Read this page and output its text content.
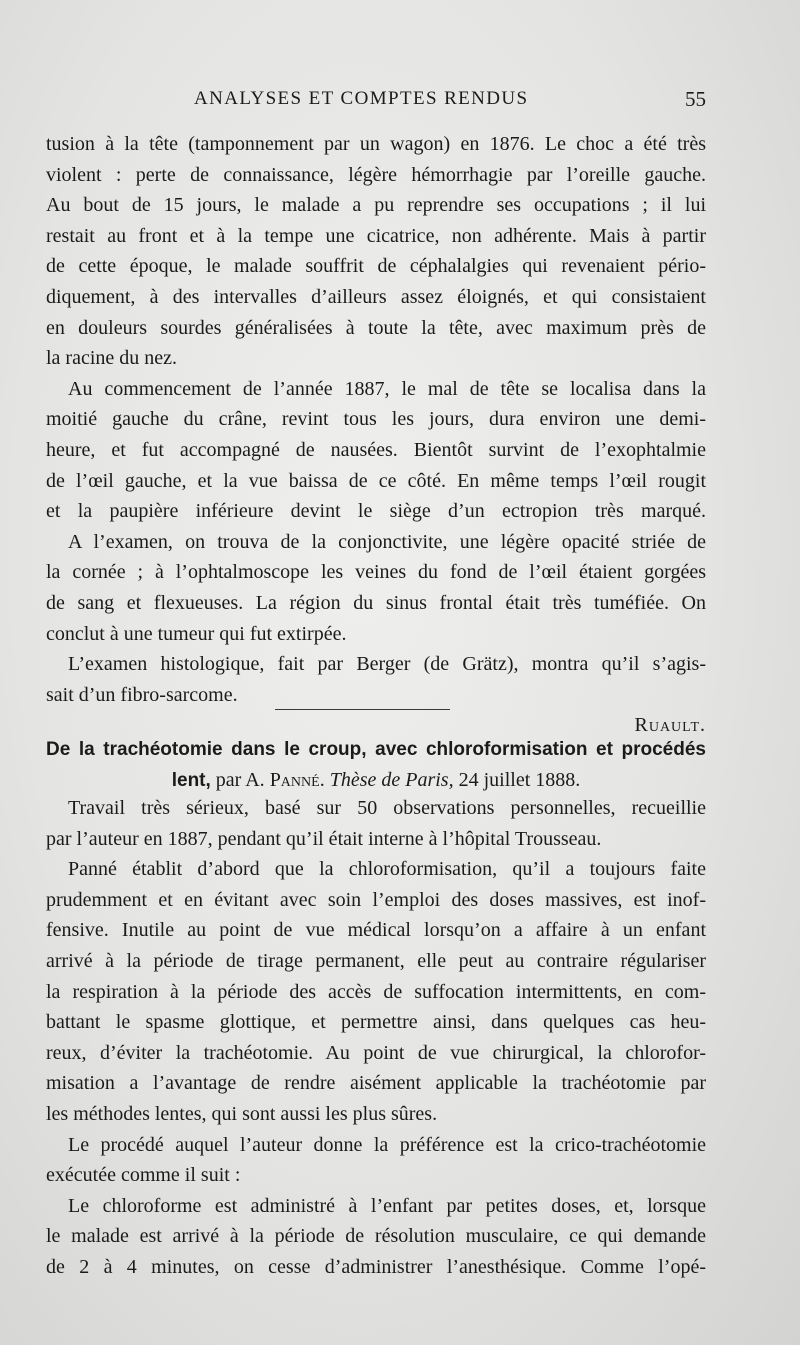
ANALYSES ET COMPTES RENDUS	55
tusion à la tête (tamponnement par un wagon) en 1876. Le choc a été très
violent : perte de connaissance, légère hémorrhagie par l’oreille gauche.
Au bout de 15 jours, le malade a pu reprendre ses occupations ; il lui
restait au front et à la tempe une cicatrice, non adhérente. Mais à partir
de cette époque, le malade souffrit de céphalalgies qui revenaient pério-
diquement, à des intervalles d’ailleurs assez éloignés, et qui consistaient
en douleurs sourdes généralisées à toute la tête, avec maximum près de
la racine du nez.
Au commencement de l’année 1887, le mal de tête se localisa dans la
moitié gauche du crâne, revint tous les jours, dura environ une demi-
heure, et fut accompagné de nausées. Bientôt survint de l’exophtalmie
de l’œil gauche, et la vue baissa de ce côté. En même temps l’œil rougit
et la paupière inférieure devint le siège d’un ectropion très marqué.
A l’examen, on trouva de la conjonctivite, une légère opacité striée de
la cornée ; à l’ophtalmoscope les veines du fond de l’œil étaient gorgées
de sang et flexueuses. La région du sinus frontal était très tuméfiée. On
conclut à une tumeur qui fut extirpée.
L’examen histologique, fait par Berger (de Grätz), montra qu’il s’agis-
sait d’un fibro-sarcome.
Ruault.
De la trachéotomie dans le croup, avec chloroformisation et procédés
lent, par A. Panné. Thèse de Paris, 24 juillet 1888.
Travail très sérieux, basé sur 50 observations personnelles, recueillie
par l’auteur en 1887, pendant qu’il était interne à l’hôpital Trousseau.
Panné établit d’abord que la chloroformisation, qu’il a toujours faite
prudemment et en évitant avec soin l’emploi des doses massives, est inof-
fensive. Inutile au point de vue médical lorsqu’on a affaire à un enfant
arrivé à la période de tirage permanent, elle peut au contraire régulariser
la respiration à la période des accès de suffocation intermittents, en com-
battant le spasme glottique, et permettre ainsi, dans quelques cas heu-
reux, d’éviter la trachéotomie. Au point de vue chirurgical, la chlorofor-
misation a l’avantage de rendre aisément applicable la trachéotomie par
les méthodes lentes, qui sont aussi les plus sûres.
Le procédé auquel l’auteur donne la préférence est la crico-trachéotomie
exécutée comme il suit :
Le chloroforme est administré à l’enfant par petites doses, et, lorsque
le malade est arrivé à la période de résolution musculaire, ce qui demande
de 2 à 4 minutes, on cesse d’administrer l’anesthésique. Comme l’opé-
